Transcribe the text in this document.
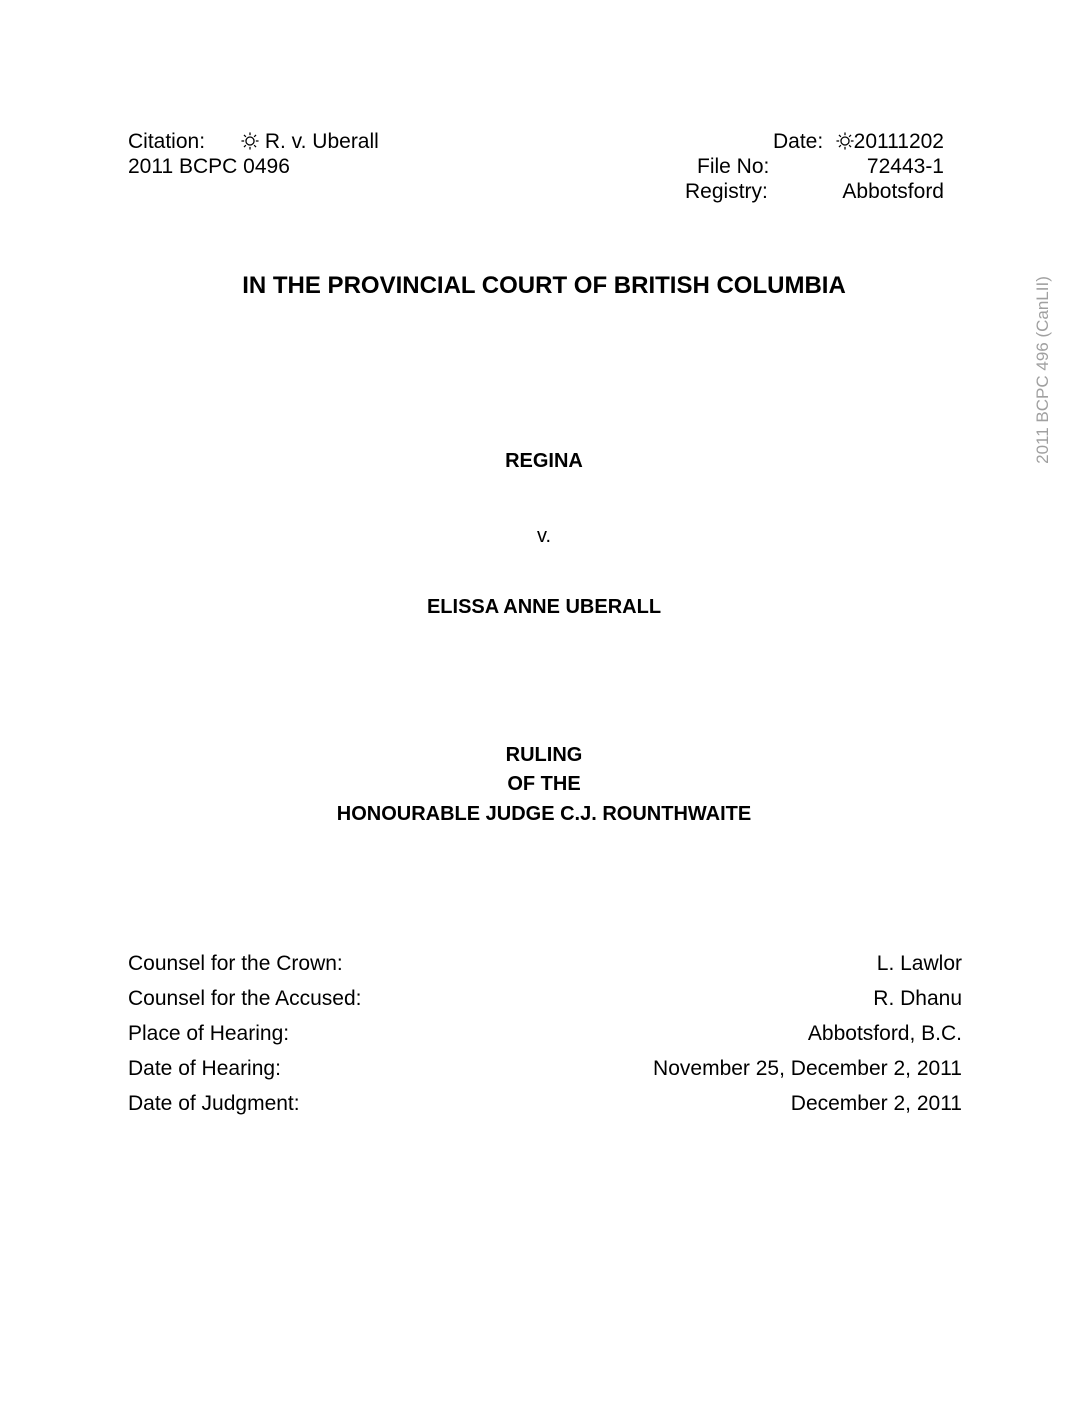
2011 BCPC 496 (CanLII)
Citation:	R. v. Uberall
2011 BCPC 0496
Date:	20111202
File No:	72443-1
Registry:	Abbotsford
IN THE PROVINCIAL COURT OF BRITISH COLUMBIA
REGINA
v.
ELISSA ANNE UBERALL
RULING
OF THE
HONOURABLE JUDGE C.J. ROUNTHWAITE
Counsel for the Crown:	L. Lawlor
Counsel for the Accused:	R. Dhanu
Place of Hearing:	Abbotsford, B.C.
Date of Hearing:	November 25, December 2, 2011
Date of Judgment:	December 2, 2011
